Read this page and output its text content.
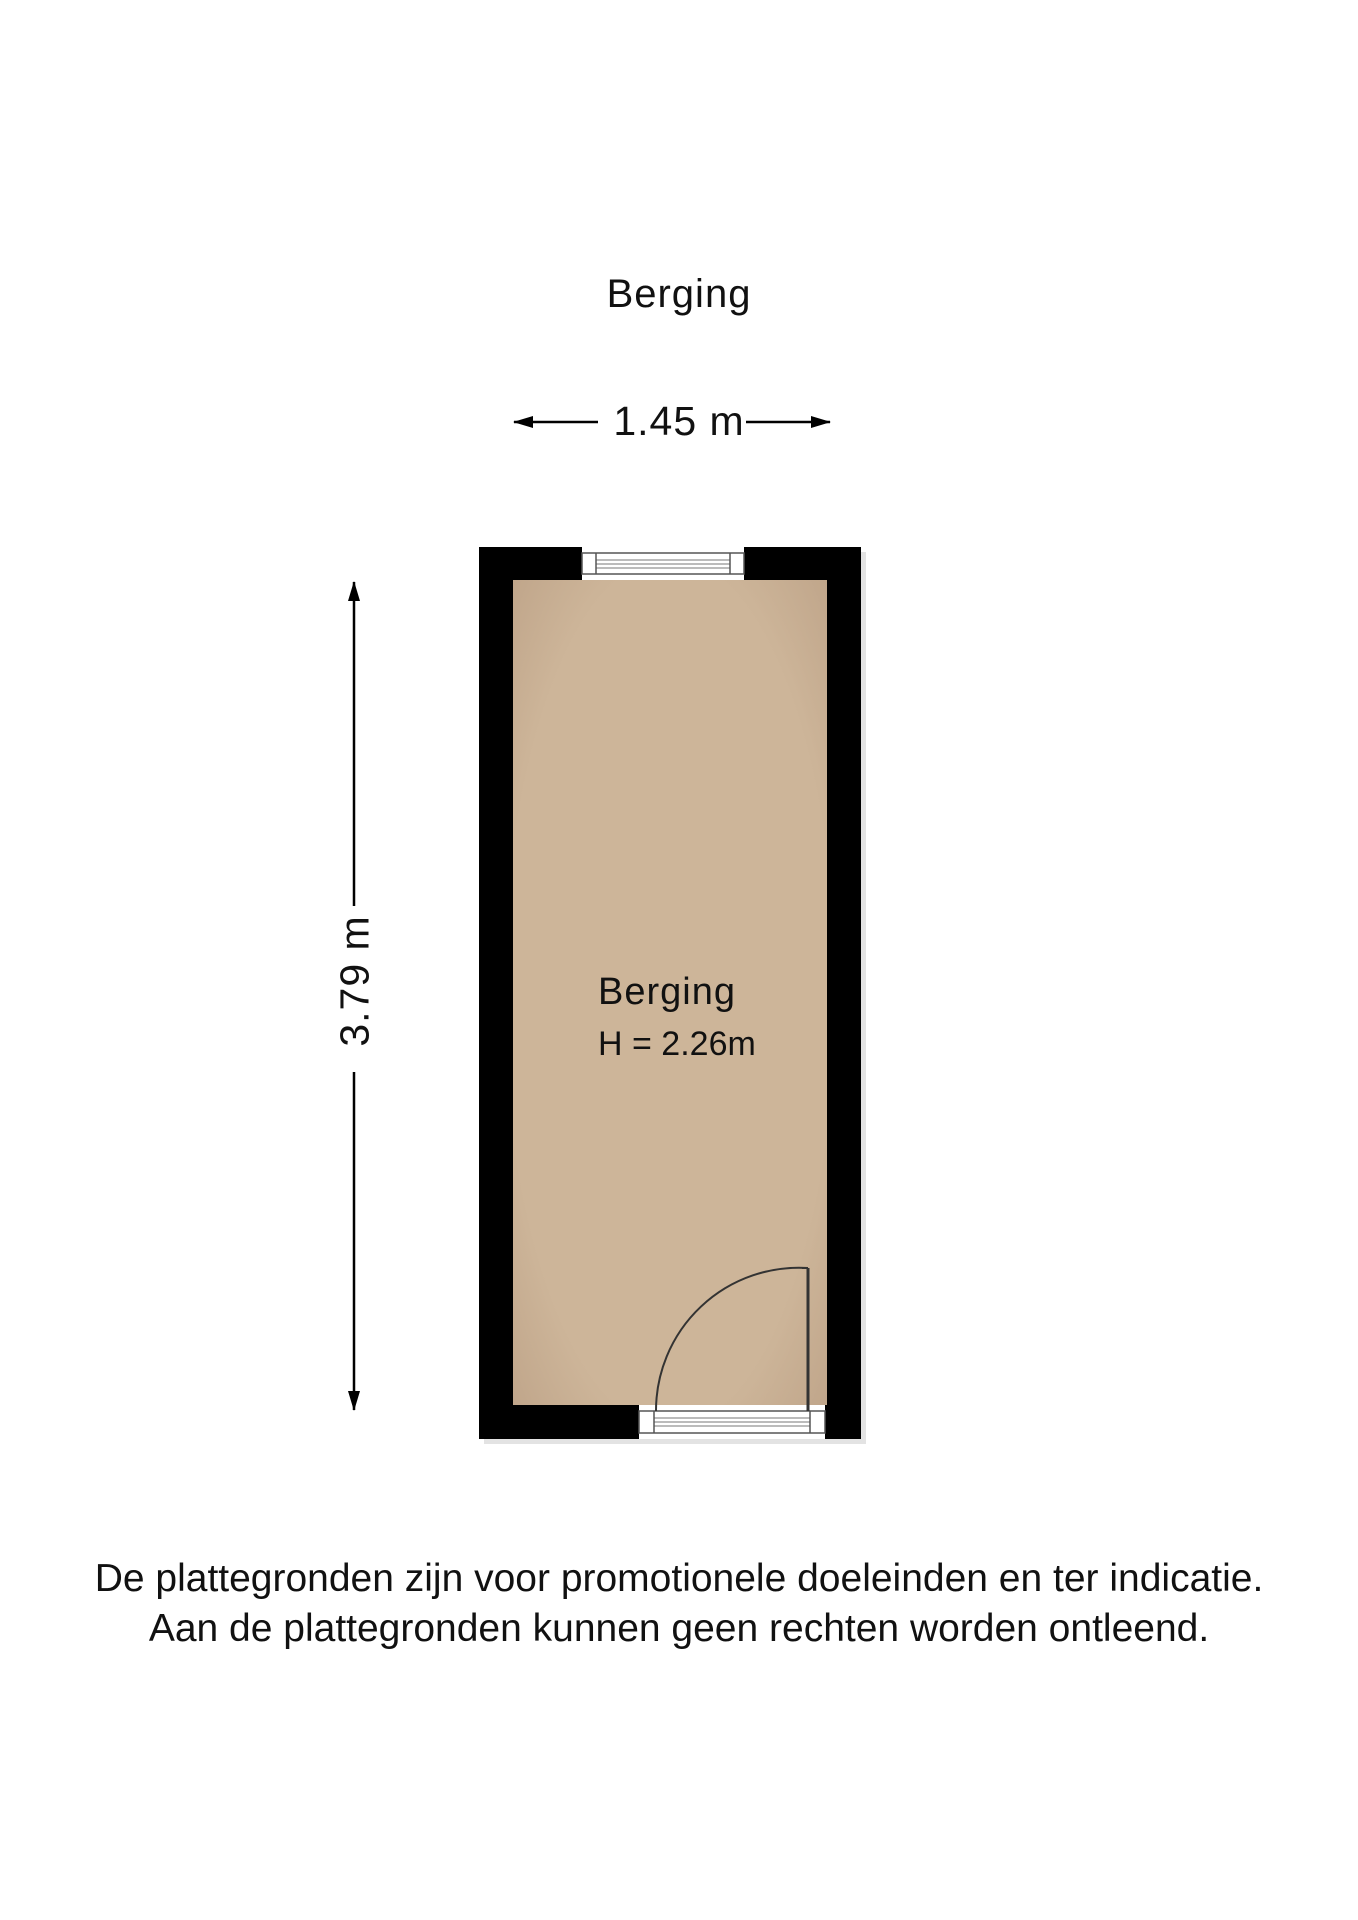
Berging
1.45 m
3.79 m	Berging
H = 2.26m
De plattegronden zijn voor promotionele doeleinden en ter indicatie.
Aan de plattegronden kunnen geen rechten worden ontleend.
